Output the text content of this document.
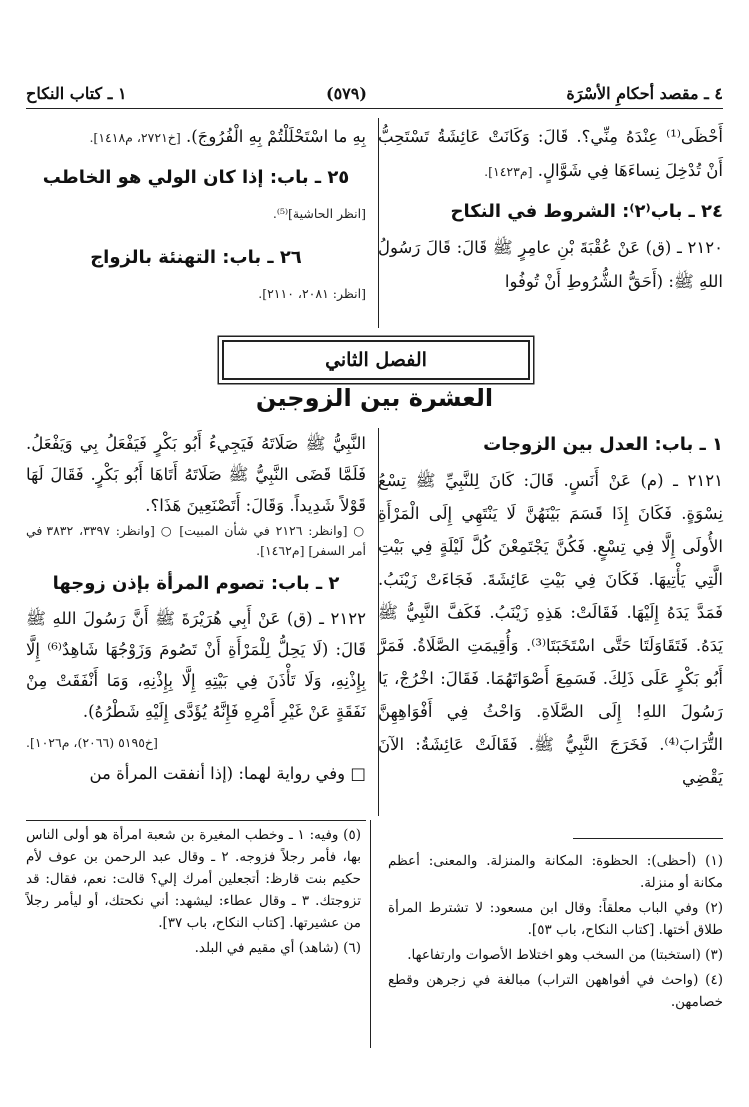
٤ ـ مقصد أحكامِ الأسْرَة
(٥٧٩)
١ ـ كتاب النكاح

أَحْظَى⁽¹⁾ عِنْدَهُ مِنِّي؟. قَالَ: وَكَانَتْ عَائِشَةُ تَسْتَحِبُّ أَنْ تُدْخِلَ نِساءَهَا فِي شَوَّالٍ. [م١٤٢٣].

٢٤ ـ باب⁽٢⁾: الشروط في النكاح

٢١٢٠ ـ (ق) عَنْ عُقْبَةَ بْنِ عامِرٍ ﷺ قَالَ: قَالَ رَسُولُ اللهِ ﷺ: (أَحَقُّ الشُّرُوطِ أَنْ تُوفُوا

بِهِ ما اسْتَحْلَلْتُمْ بِهِ الْفُرُوجَ). [خ٢٧٢١، م١٤١٨].

٢٥ ـ باب: إذا كان الولي هو الخاطب

[انظر الحاشية]⁽⁵⁾.

٢٦ ـ باب: التهنئة بالزواج

[انظر: ٢٠٨١، ٢١١٠].

الفصل الثاني
العشرة بين الزوجين
١ ـ باب: العدل بين الزوجات

٢١٢١ ـ (م) عَنْ أَنَسٍ. قَالَ: كَانَ لِلنَّبِيِّ ﷺ تِسْعُ نِسْوَةٍ. فَكَانَ إِذَا قَسَمَ بَيْنَهُنَّ لَا يَنْتَهِي إِلَى الْمَرْأَةِ الأُولَى إِلَّا فِي تِسْعٍ. فَكُنَّ يَجْتَمِعْنَ كُلَّ لَيْلَةٍ فِي بَيْتِ الَّتِي يَأْتِيهَا. فَكَانَ فِي بَيْتِ عَائِشَةَ. فَجَاءَتْ زَيْنَبُ. فَمَدَّ يَدَهُ إِلَيْهَا. فَقَالَتْ: هَذِهِ زَيْنَبُ. فَكَفَّ النَّبِيُّ ﷺ يَدَهُ. فَتَقَاوَلَتَا حَتَّى اسْتَخَبَتَا⁽³⁾. وَأُقِيمَتِ الصَّلَاةُ. فَمَرَّ أَبُو بَكْرٍ عَلَى ذَلِكَ. فَسَمِعَ أَصْوَاتَهُمَا. فَقَالَ: اخْرُجْ، يَا رَسُولَ اللهِ! إِلَى الصَّلَاةِ. وَاحْثُ فِي أَفْوَاهِهِنَّ التُّرَابَ⁽⁴⁾. فَخَرَجَ النَّبِيُّ ﷺ. فَقَالَتْ عَائِشَةُ: الآنَ يَقْضِي

النَّبِيُّ ﷺ صَلَاتَهُ فَيَجِيءُ أَبُو بَكْرٍ فَيَفْعَلُ بِي وَيَفْعَلُ. فَلَمَّا قَضَى النَّبِيُّ ﷺ صَلَاتَهُ أَتَاهَا أَبُو بَكْرٍ. فَقَالَ لَهَا قَوْلاً شَدِيداً. وَقَالَ: أَتَصْنَعِينَ هَذَا؟.

○ [وانظر: ٢١٢٦ في شأن المبيت] ○ [وانظر: ٣٣٩٧، ٣٨٣٢ في أمر السفر] [م١٤٦٢].

٢ ـ باب: تصوم المرأة بإذن زوجها

٢١٢٢ ـ (ق) عَنْ أَبِي هُرَيْرَةَ ﷺ أَنَّ رَسُولَ اللهِ ﷺ قَالَ: (لَا يَحِلُّ لِلْمَرْأَةِ أَنْ تَصُومَ وَزَوْجُهَا شَاهِدٌ⁽⁶⁾ إِلَّا بِإِذْنِهِ، وَلَا تَأْذَنَ فِي بَيْتِهِ إِلَّا بِإِذْنِهِ، وَمَا أَنْفَقَتْ مِنْ نَفَقَةٍ عَنْ غَيْرِ أَمْرِهِ فَإِنَّهُ يُؤَدَّى إِلَيْهِ شَطْرُهُ).

[خ٥١٩٥ (٢٠٦٦)، م١٠٢٦].

□ وفي رواية لهما: (إذا أنفقت المرأة من

(١) (أحظى): الحظوة: المكانة والمنزلة. والمعنى: أعظم مكانة أو منزلة.

(٢) وفي الباب معلقاً: وقال ابن مسعود: لا تشترط المرأة طلاق أختها. [كتاب النكاح، باب ٥٣].

(٣) (استخبتا) من السخب وهو اختلاط الأصوات وارتفاعها.

(٤) (واحث في أفواههن التراب) مبالغة في زجرهن وقطع خصامهن.

(٥) وفيه: ١ ـ وخطب المغيرة بن شعبة امرأة هو أولى الناس بها، فأمر رجلاً فزوجه. ٢ ـ وقال عبد الرحمن بن عوف لأم حكيم بنت قارظ: أتجعلين أمرك إلي؟ قالت: نعم، فقال: قد تزوجتك. ٣ ـ وقال عطاء: ليشهد: أني نكحتك، أو ليأمر رجلاً من عشيرتها. [كتاب النكاح، باب ٣٧].

(٦) (شاهد) أي مقيم في البلد.
